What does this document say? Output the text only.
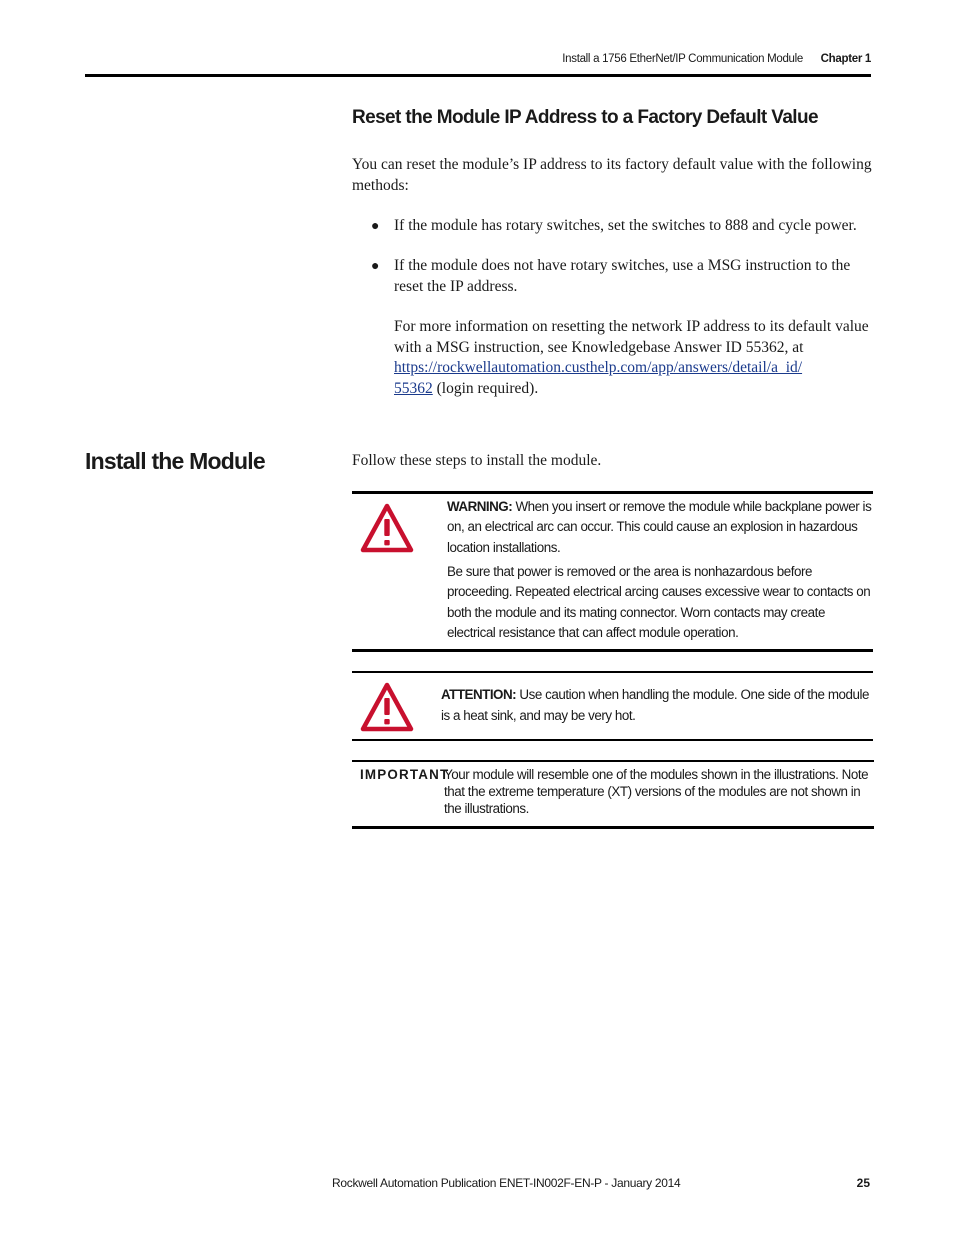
Install a 1756 EtherNet/IP Communication Module Chapter 1
Reset the Module IP Address to a Factory Default Value
You can reset the module’s IP address to its factory default value with the following methods:
● If the module has rotary switches, set the switches to 888 and cycle power.
● If the module does not have rotary switches, use a MSG instruction to the reset the IP address.
For more information on resetting the network IP address to its default value with a MSG instruction, see Knowledgebase Answer ID 55362, at https://rockwellautomation.custhelp.com/app/answers/detail/a_id/
55362 (login required).
Install the Module	Follow these steps to install the module.
WARNING: When you insert or remove the module while backplane power is on, an electrical arc can occur. This could cause an explosion in hazardous location installations.
Be sure that power is removed or the area is nonhazardous before proceeding. Repeated electrical arcing causes excessive wear to contacts on both the module and its mating connector. Worn contacts may create electrical resistance that can affect module operation.
ATTENTION: Use caution when handling the module. One side of the module is a heat sink, and may be very hot.
IMPORTANT
Your module will resemble one of the modules shown in the illustrations. Note that the extreme temperature (XT) versions of the modules are not shown in the illustrations.
Rockwell Automation Publication ENET-IN002F-EN-P - January 2014	25
